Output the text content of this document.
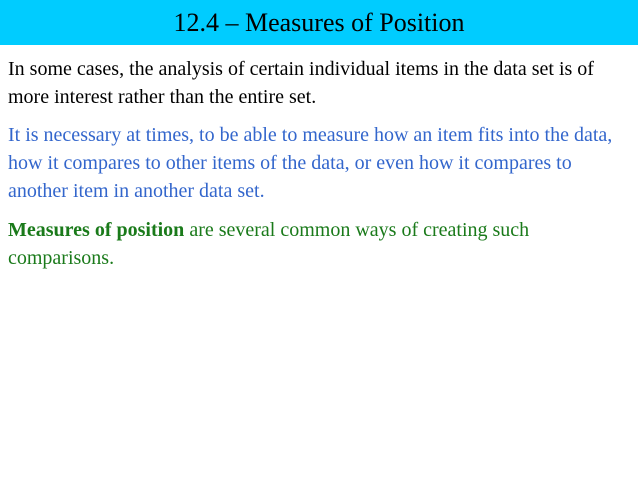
12.4 – Measures of Position

In some cases, the analysis of certain individual items in the data set is of more interest rather than the entire set.

It is necessary at times, to be able to measure how an item fits into the data, how it compares to other items of the data, or even how it compares to another item in another data set.

Measures of position are several common ways of creating such comparisons.
